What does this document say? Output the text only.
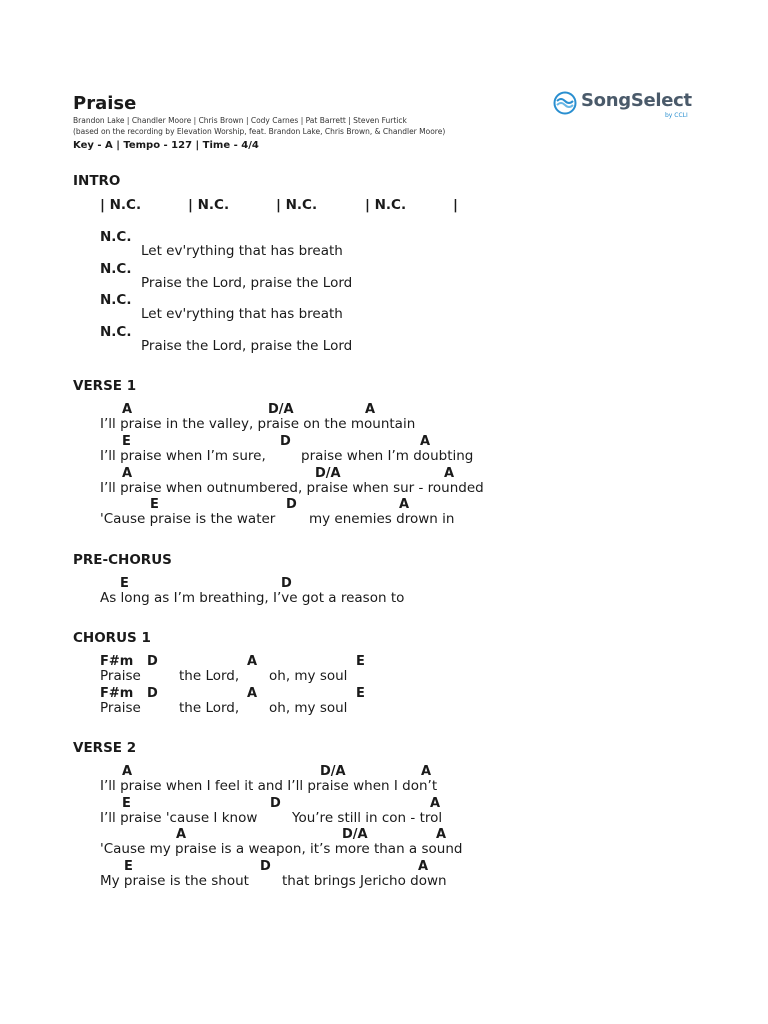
Praise
Brandon Lake | Chandler Moore | Chris Brown | Cody Carnes | Pat Barrett | Steven Furtick
(based on the recording by Elevation Worship, feat. Brandon Lake, Chris Brown, & Chandler Moore)
Key - A | Tempo - 127 | Time - 4/4
SongSelect
by CCLI
INTRO
| N.C.	| N.C.	| N.C.	| N.C.	|
N.C.
Let ev'rything that has breath
N.C.
Praise the Lord, praise the Lord
N.C.
Let ev'rything that has breath
N.C.
Praise the Lord, praise the Lord
VERSE 1
A	D/A	A
I’ll praise in the valley, praise on the mountain
E	D	A
I’ll praise when I’m sure,	praise when I’m doubting
A	D/A	A
I’ll praise when outnumbered, praise when sur - rounded
E	D	A
'Cause praise is the water my enemies drown in
PRE-CHORUS
E	D
As long as I’m breathing, I’ve got a reason to
CHORUS 1
F#m D	A	E
Praise	the Lord, oh, my soul
F#m D	A	E
Praise	the Lord, oh, my soul
VERSE 2
A	D/A	A
I’ll praise when I feel it and I’ll praise when I don’t
E	D	A
I’ll praise 'cause I know	You’re still in con - trol
A	D/A	A
'Cause my praise is a weapon, it’s more than a sound
E	D	A
My praise is the shout that brings Jericho down
